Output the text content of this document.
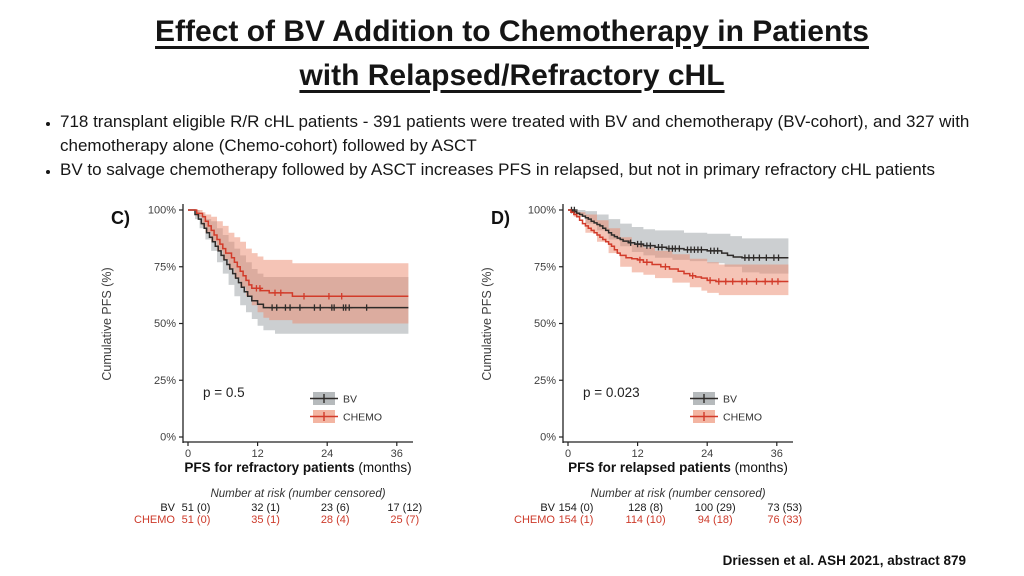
Effect of BV Addition to Chemotherapy in Patients
with Relapsed/Refractory cHL
• 718 transplant eligible R/R cHL patients - 391 patients were treated with BV and chemotherapy (BV-cohort), and 327 with chemotherapy alone (Chemo-cohort) followed by ASCT
• BV to salvage chemotherapy followed by ASCT increases PFS in relapsed, but not in primary refractory cHL patients
0%
25%
50%
75%
100%
0	12	24	36
Cumulative PFS (%)
C)
p = 0.5	BV
CHEMO
PFS for refractory patients (months)
Number at risk (number censored)
BV 51 (0)	32 (1)	23 (6)	17 (12)
CHEMO 51 (0)	35 (1)	28 (4)	25 (7)
0%
25%
50%
75%
100%
0	12	24	36
Cumulative PFS (%)
D)
p = 0.023	BV
CHEMO
PFS for relapsed patients (months)
Number at risk (number censored)
BV 154 (0)	128 (8)	100 (29)	73 (53)
CHEMO 154 (1)	114 (10)	94 (18)	76 (33)
Driessen et al. ASH 2021, abstract 879
